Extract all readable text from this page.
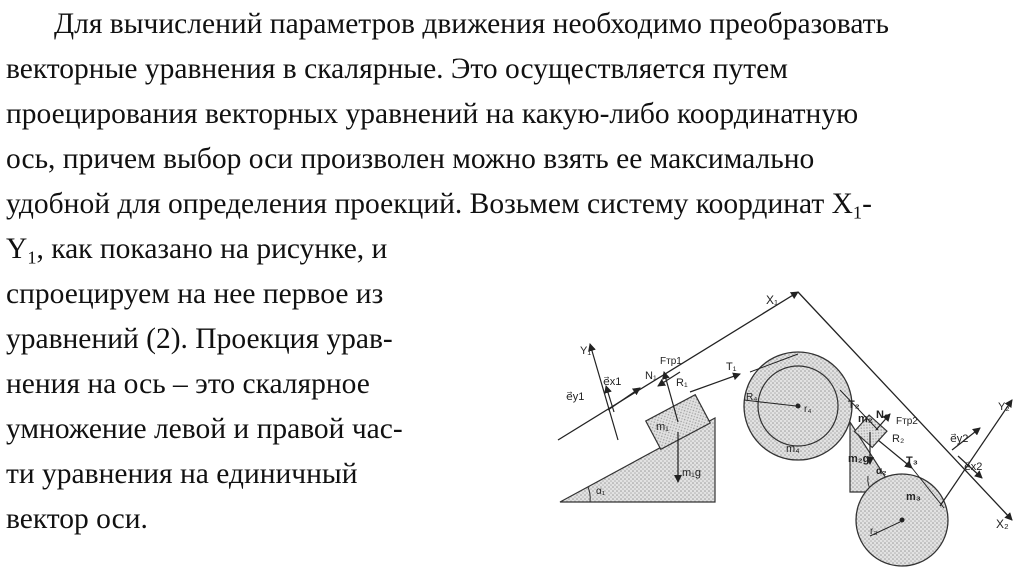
Для вычислений параметров движения необходимо преобразовать
векторные уравнения в скалярные. Это осуществляется путем
проецирования векторных уравнений на какую-либо координатную
ось, причем выбор оси произволен можно взять ее максимально
удобной для определения проекций. Возьмем систему координат $X_1-$
$Y_1$, как показано на рисунке, и
спроецируем на нее первое из
уравнений (2). Проекция урав-
нения на ось – это скалярное
умножение левой и правой час-
ти уравнения на единичный
вектор оси.
X₁
Y₁
Fтр1
N₁
e⃗x1
e⃗y1
R₁
T₁
m₁
m₁g
α₁
R₄
r₄
m₄
T₂
m₂ N₂
Fтр2
R₂
m₂g
α₂
T₃
Y₂
e⃗y2
e⃗x2
X₂
m₃
r₃
